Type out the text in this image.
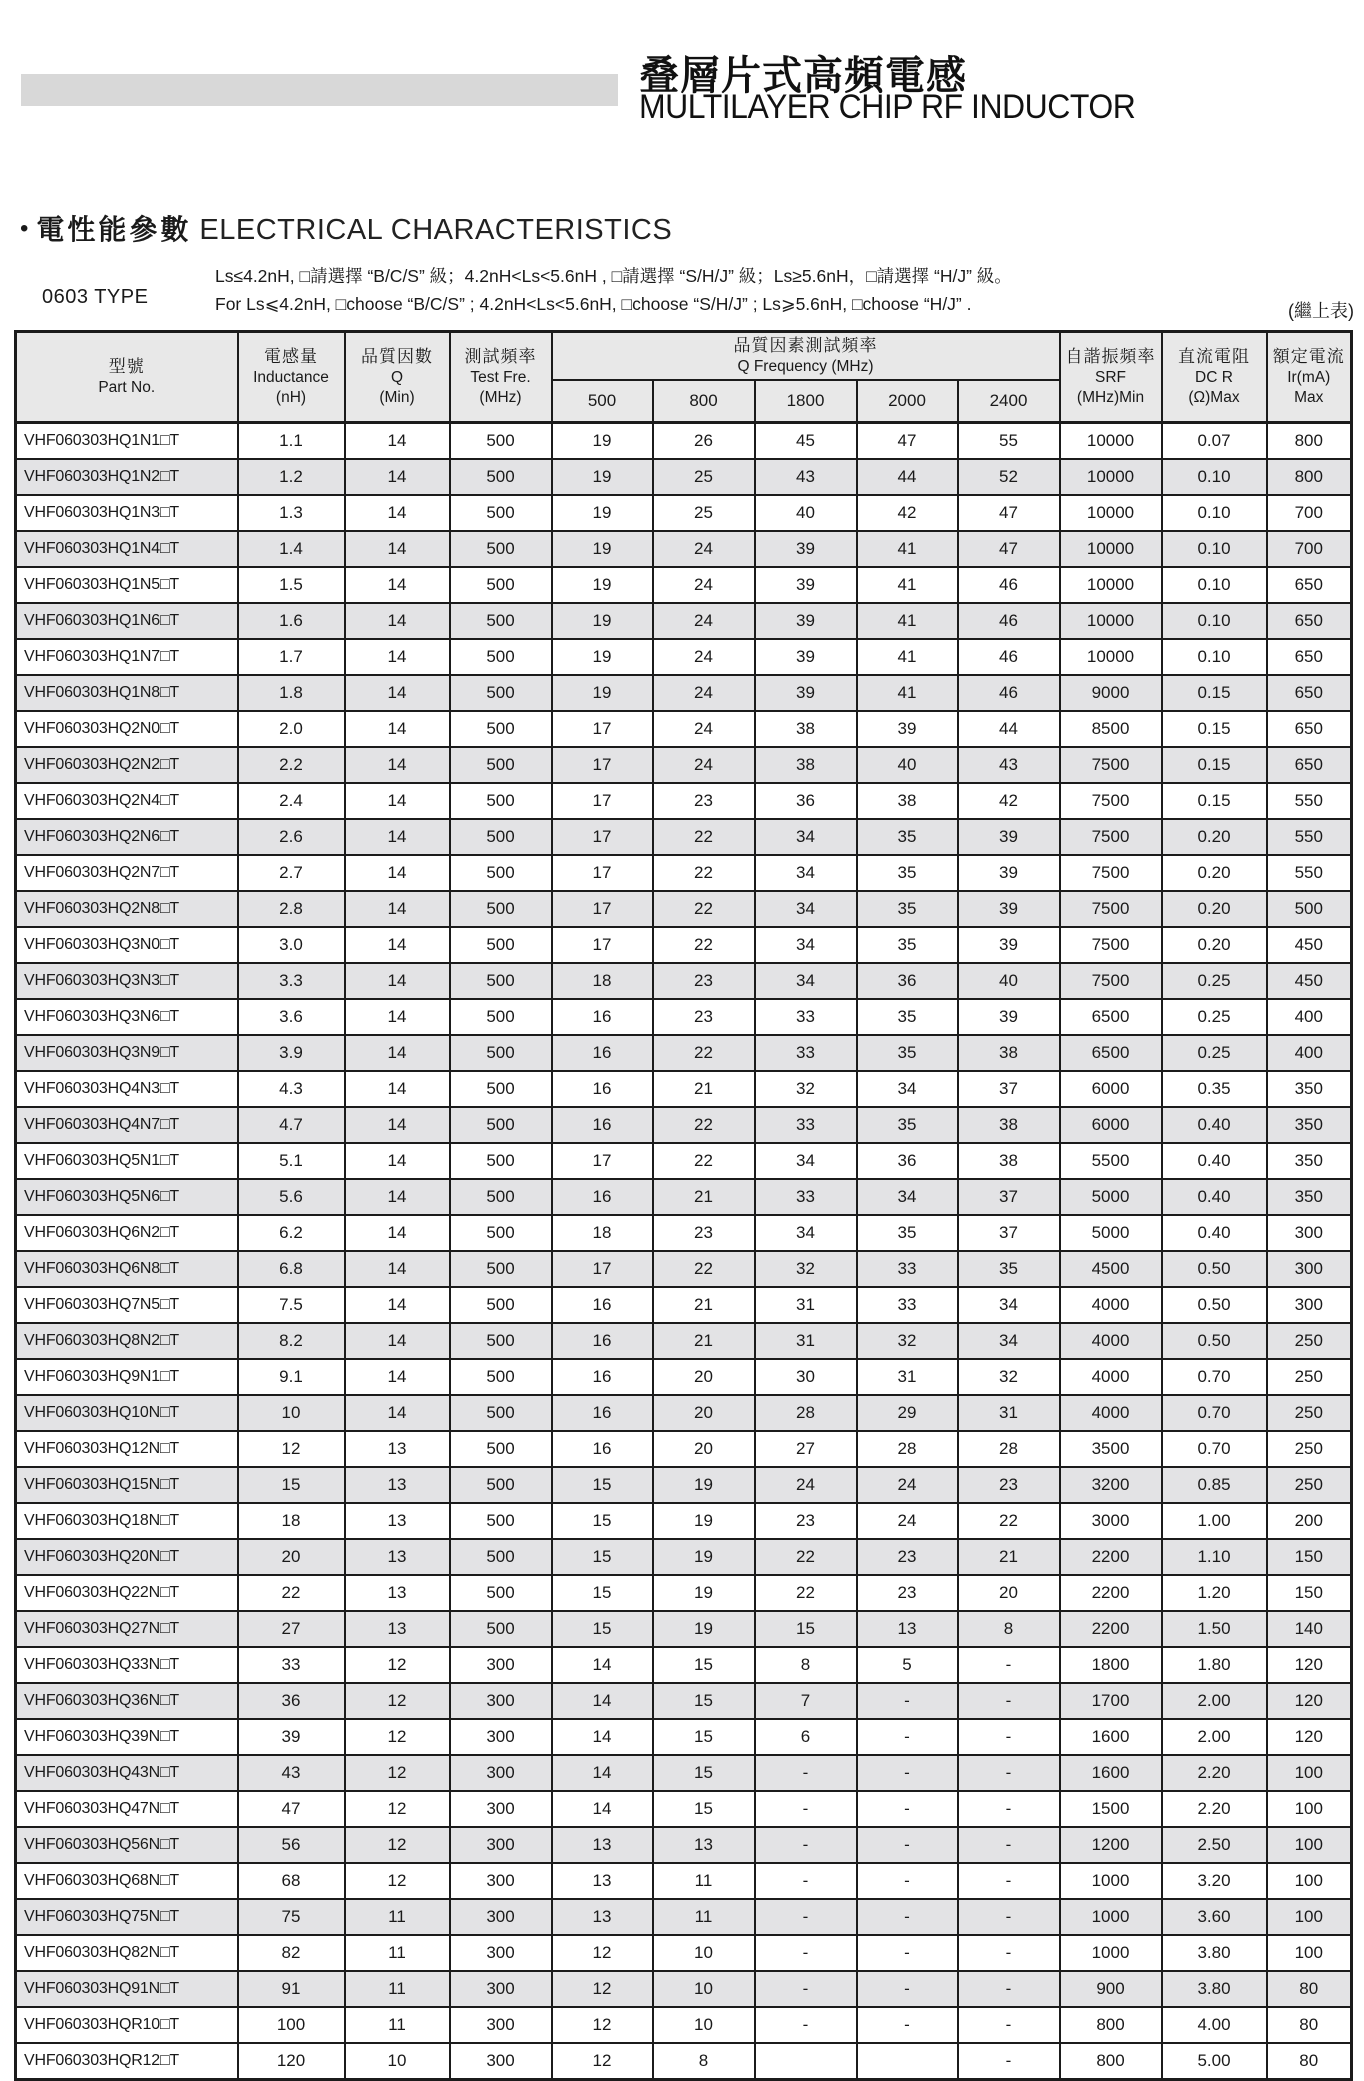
叠層片式高頻電感
MULTILAYER CHIP RF INDUCTOR
• 電性能參數 ELECTRICAL CHARACTERISTICS
0603 TYPE
Ls≤4.2nH, □請選擇 “B/C/S” 級；4.2nH<Ls<5.6nH , □請選擇 “S/H/J” 級；Ls≥5.6nH，□請選擇 “H/J” 級。
For Ls⩽4.2nH, □choose “B/C/S” ; 4.2nH<Ls<5.6nH, □choose “S/H/J” ; Ls⩾5.6nH, □choose “H/J” .	(繼上表)
型號
Part No.

電感量
Inductance
(nH)

品質因數
Q
(Min)

測試頻率
Test Fre.
(MHz)

品質因素測試頻率
Q Frequency (MHz)

自諧振頻率
SRF
(MHz)Min

直流電阻
DC R
(Ω)Max

額定電流
Ir(mA)
Max

				500	800	1800	2000	2400			
VHF060303HQ1N1□T	1.1	14	500	19	26	45	47	55	10000	0.07	800
VHF060303HQ1N2□T	1.2	14	500	19	25	43	44	52	10000	0.10	800
VHF060303HQ1N3□T	1.3	14	500	19	25	40	42	47	10000	0.10	700
VHF060303HQ1N4□T	1.4	14	500	19	24	39	41	47	10000	0.10	700
VHF060303HQ1N5□T	1.5	14	500	19	24	39	41	46	10000	0.10	650
VHF060303HQ1N6□T	1.6	14	500	19	24	39	41	46	10000	0.10	650
VHF060303HQ1N7□T	1.7	14	500	19	24	39	41	46	10000	0.10	650
VHF060303HQ1N8□T	1.8	14	500	19	24	39	41	46	9000	0.15	650
VHF060303HQ2N0□T	2.0	14	500	17	24	38	39	44	8500	0.15	650
VHF060303HQ2N2□T	2.2	14	500	17	24	38	40	43	7500	0.15	650
VHF060303HQ2N4□T	2.4	14	500	17	23	36	38	42	7500	0.15	550
VHF060303HQ2N6□T	2.6	14	500	17	22	34	35	39	7500	0.20	550
VHF060303HQ2N7□T	2.7	14	500	17	22	34	35	39	7500	0.20	550
VHF060303HQ2N8□T	2.8	14	500	17	22	34	35	39	7500	0.20	500
VHF060303HQ3N0□T	3.0	14	500	17	22	34	35	39	7500	0.20	450
VHF060303HQ3N3□T	3.3	14	500	18	23	34	36	40	7500	0.25	450
VHF060303HQ3N6□T	3.6	14	500	16	23	33	35	39	6500	0.25	400
VHF060303HQ3N9□T	3.9	14	500	16	22	33	35	38	6500	0.25	400
VHF060303HQ4N3□T	4.3	14	500	16	21	32	34	37	6000	0.35	350
VHF060303HQ4N7□T	4.7	14	500	16	22	33	35	38	6000	0.40	350
VHF060303HQ5N1□T	5.1	14	500	17	22	34	36	38	5500	0.40	350
VHF060303HQ5N6□T	5.6	14	500	16	21	33	34	37	5000	0.40	350
VHF060303HQ6N2□T	6.2	14	500	18	23	34	35	37	5000	0.40	300
VHF060303HQ6N8□T	6.8	14	500	17	22	32	33	35	4500	0.50	300
VHF060303HQ7N5□T	7.5	14	500	16	21	31	33	34	4000	0.50	300
VHF060303HQ8N2□T	8.2	14	500	16	21	31	32	34	4000	0.50	250
VHF060303HQ9N1□T	9.1	14	500	16	20	30	31	32	4000	0.70	250
VHF060303HQ10N□T	10	14	500	16	20	28	29	31	4000	0.70	250
VHF060303HQ12N□T	12	13	500	16	20	27	28	28	3500	0.70	250
VHF060303HQ15N□T	15	13	500	15	19	24	24	23	3200	0.85	250
VHF060303HQ18N□T	18	13	500	15	19	23	24	22	3000	1.00	200
VHF060303HQ20N□T	20	13	500	15	19	22	23	21	2200	1.10	150
VHF060303HQ22N□T	22	13	500	15	19	22	23	20	2200	1.20	150
VHF060303HQ27N□T	27	13	500	15	19	15	13	8	2200	1.50	140
VHF060303HQ33N□T	33	12	300	14	15	8	5	-	1800	1.80	120
VHF060303HQ36N□T	36	12	300	14	15	7	-	-	1700	2.00	120
VHF060303HQ39N□T	39	12	300	14	15	6	-	-	1600	2.00	120
VHF060303HQ43N□T	43	12	300	14	15	-	-	-	1600	2.20	100
VHF060303HQ47N□T	47	12	300	14	15	-	-	-	1500	2.20	100
VHF060303HQ56N□T	56	12	300	13	13	-	-	-	1200	2.50	100
VHF060303HQ68N□T	68	12	300	13	11	-	-	-	1000	3.20	100
VHF060303HQ75N□T	75	11	300	13	11	-	-	-	1000	3.60	100
VHF060303HQ82N□T	82	11	300	12	10	-	-	-	1000	3.80	100
VHF060303HQ91N□T	91	11	300	12	10	-	-	-	900	3.80	80
VHF060303HQR10□T	100	11	300	12	10	-	-	-	800	4.00	80
VHF060303HQR12□T	120	10	300	12	8			-	800	5.00	80
